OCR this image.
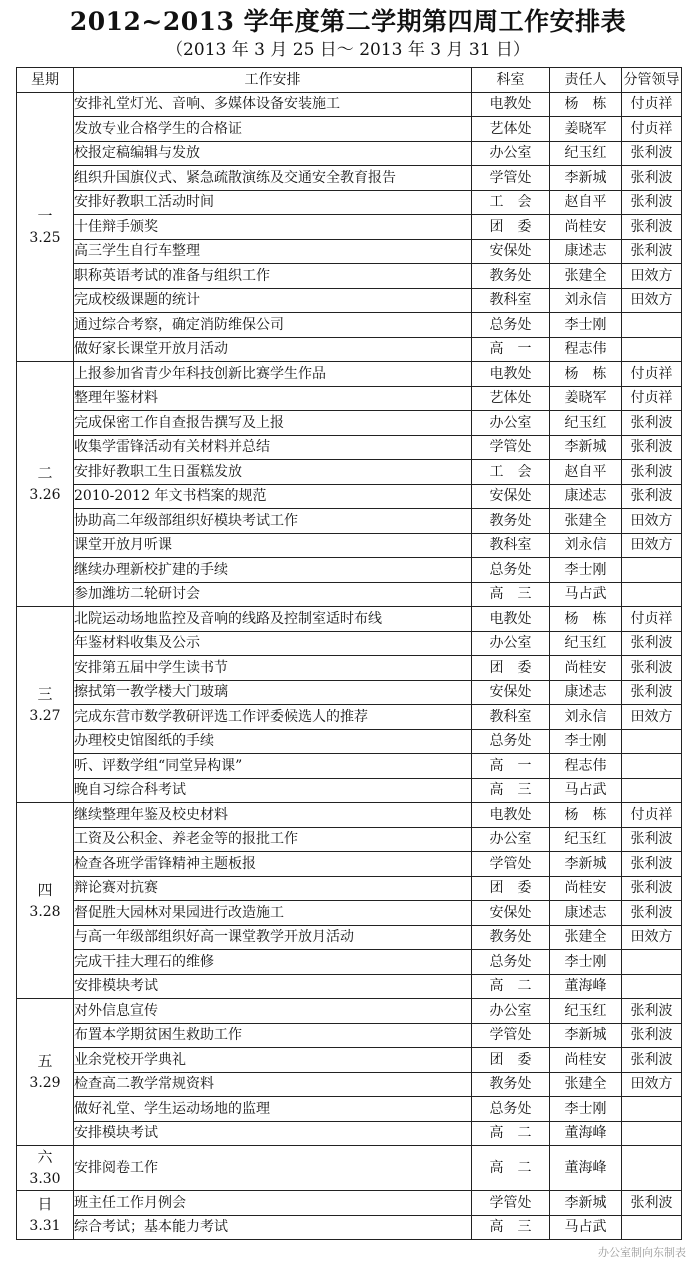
2012~2013 学年度第二学期第四周工作安排表
（2013 年 3 月 25 日～ 2013 年 3 月 31 日）
星期	工作安排	科室	责任人	分管领导

一
3.25	安排礼堂灯光、音响、多媒体设备安装施工	电教处	杨　栋	付贞祥
	发放专业合格学生的合格证	艺体处	姜晓军	付贞祥
	校报定稿编辑与发放	办公室	纪玉红	张利波
	组织升国旗仪式、紧急疏散演练及交通安全教育报告	学管处	李新城	张利波
	安排好教职工活动时间	工　会	赵自平	张利波
	十佳辩手颁奖	团　委	尚桂安	张利波
	高三学生自行车整理	安保处	康述志	张利波
	职称英语考试的准备与组织工作	教务处	张建全	田效方
	完成校级课题的统计	教科室	刘永信	田效方
	通过综合考察，确定消防维保公司	总务处	李士刚	
	做好家长课堂开放月活动	高　一	程志伟	

二
3.26	上报参加省青少年科技创新比赛学生作品	电教处	杨　栋	付贞祥
	整理年鉴材料	艺体处	姜晓军	付贞祥
	完成保密工作自查报告撰写及上报	办公室	纪玉红	张利波
	收集学雷锋活动有关材料并总结	学管处	李新城	张利波
	安排好教职工生日蛋糕发放	工　会	赵自平	张利波
	2010-2012 年文书档案的规范	安保处	康述志	张利波
	协助高二年级部组织好模块考试工作	教务处	张建全	田效方
	课堂开放月听课	教科室	刘永信	田效方
	继续办理新校扩建的手续	总务处	李士刚	
	参加潍坊二轮研讨会	高　三	马占武	

三
3.27	北院运动场地监控及音响的线路及控制室适时布线	电教处	杨　栋	付贞祥
	年鉴材料收集及公示	办公室	纪玉红	张利波
	安排第五届中学生读书节	团　委	尚桂安	张利波
	擦拭第一教学楼大门玻璃	安保处	康述志	张利波
	完成东营市数学教研评选工作评委候选人的推荐	教科室	刘永信	田效方
	办理校史馆图纸的手续	总务处	李士刚	
	听、评数学组“同堂异构课”	高　一	程志伟	
	晚自习综合科考试	高　三	马占武	

四
3.28	继续整理年鉴及校史材料	电教处	杨　栋	付贞祥
	工资及公积金、养老金等的报批工作	办公室	纪玉红	张利波
	检查各班学雷锋精神主题板报	学管处	李新城	张利波
	辩论赛对抗赛	团　委	尚桂安	张利波
	督促胜大园林对果园进行改造施工	安保处	康述志	张利波
	与高一年级部组织好高一课堂教学开放月活动	教务处	张建全	田效方
	完成干挂大理石的维修	总务处	李士刚	
	安排模块考试	高　二	董海峰	

五
3.29	对外信息宣传	办公室	纪玉红	张利波
	布置本学期贫困生救助工作	学管处	李新城	张利波
	业余党校开学典礼	团　委	尚桂安	张利波
	检查高二教学常规资料	教务处	张建全	田效方
	做好礼堂、学生运动场地的监理	总务处	李士刚	
	安排模块考试	高　二	董海峰	

六
3.30	安排阅卷工作	高　二	董海峰	

日
3.31	班主任工作月例会	学管处	李新城	张利波
	综合考试；基本能力考试	高　三	马占武	
办公室制向东制表
